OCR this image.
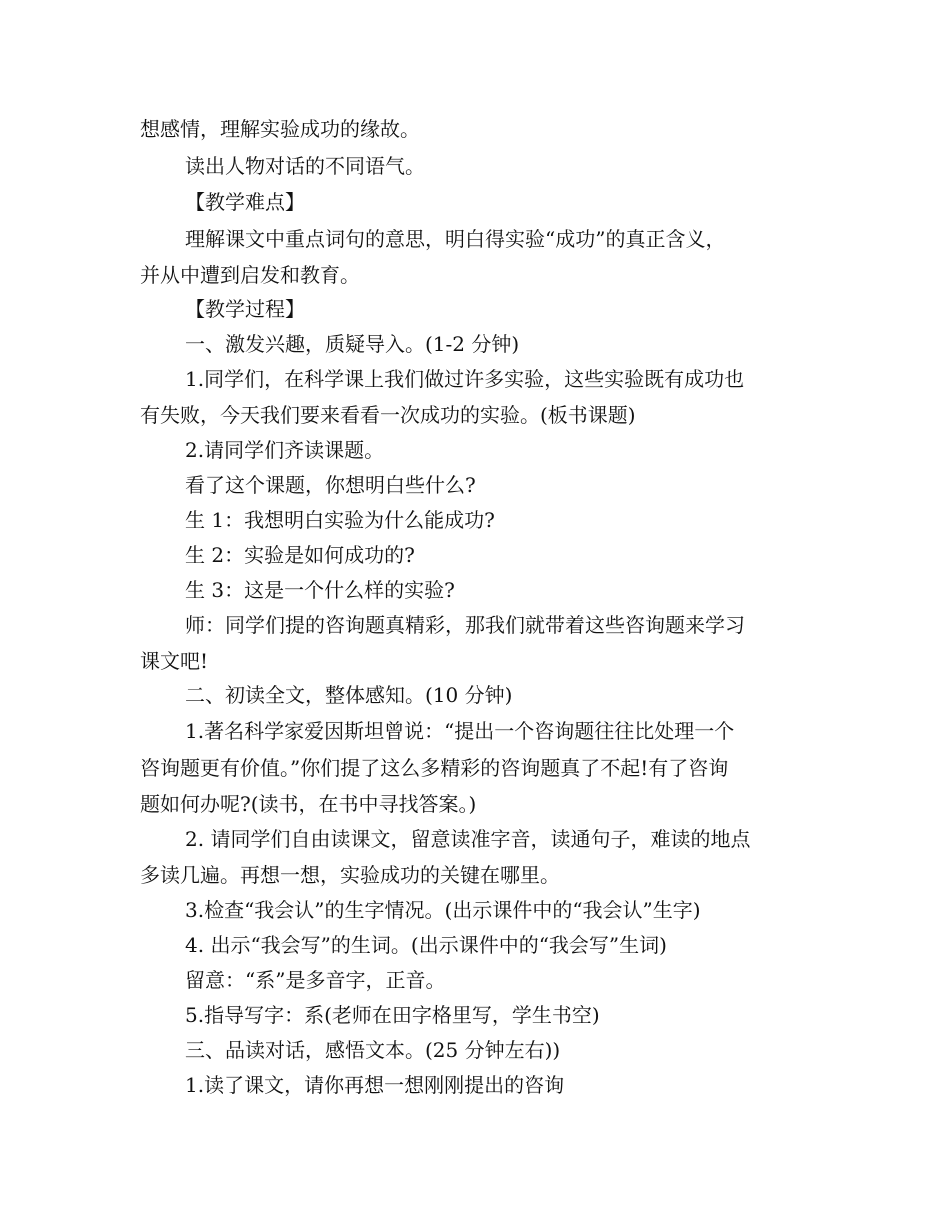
想感情，理解实验成功的缘故。
读出人物对话的不同语气。
【教学难点】
理解课文中重点词句的意思，明白得实验“成功”的真正含义，
并从中遭到启发和教育。
【教学过程】
一、激发兴趣，质疑导入。(1-2 分钟)
1.同学们，在科学课上我们做过许多实验，这些实验既有成功也
有失败，今天我们要来看看一次成功的实验。(板书课题)
2.请同学们齐读课题。
看了这个课题，你想明白些什么?
生 1：我想明白实验为什么能成功?
生 2：实验是如何成功的?
生 3：这是一个什么样的实验?
师：同学们提的咨询题真精彩，那我们就带着这些咨询题来学习
课文吧!
二、初读全文，整体感知。(10 分钟)
1.著名科学家爱因斯坦曾说：“提出一个咨询题往往比处理一个
咨询题更有价值。”你们提了这么多精彩的咨询题真了不起!有了咨询
题如何办呢?(读书，在书中寻找答案。)
2. 请同学们自由读课文，留意读准字音，读通句子，难读的地点
多读几遍。再想一想，实验成功的关键在哪里。
3.检查“我会认”的生字情况。(出示课件中的“我会认”生字)
4. 出示“我会写”的生词。(出示课件中的“我会写”生词)
留意：“系”是多音字，正音。
5.指导写字：系(老师在田字格里写，学生书空)
三、品读对话，感悟文本。(25 分钟左右))
1.读了课文，请你再想一想刚刚提出的咨询
